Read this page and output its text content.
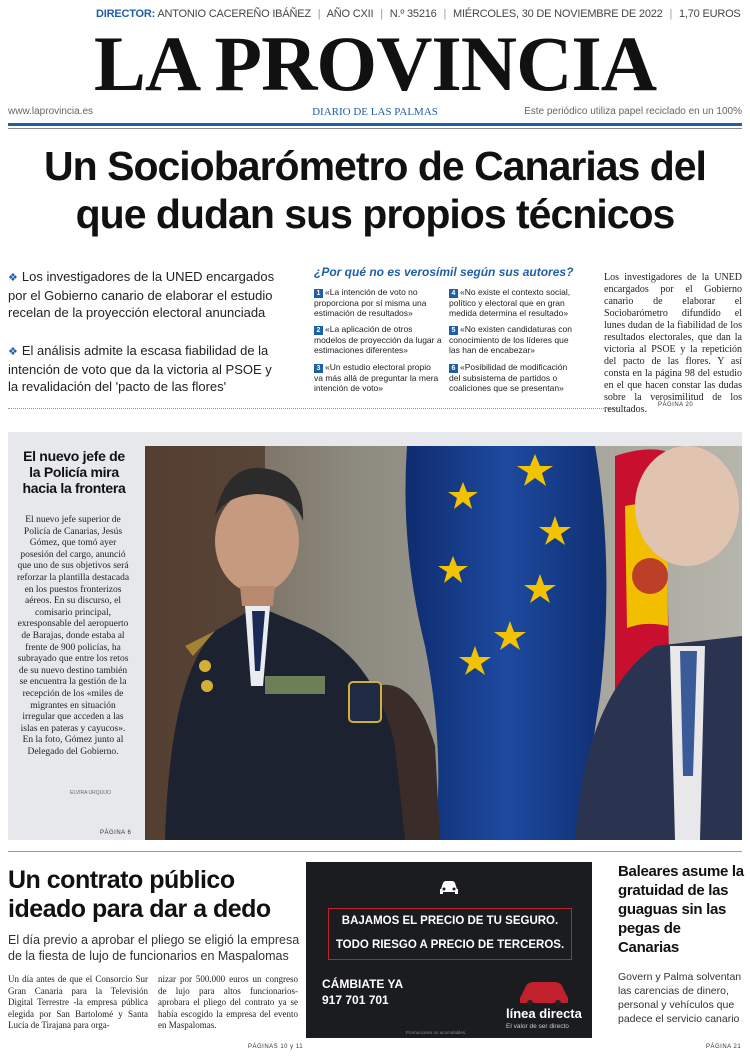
DIRECTOR: ANTONIO CACEREÑO IBÁÑEZ | AÑO CXII | N.º 35216 | MIÉRCOLES, 30 DE NOVIEMBRE DE 2022 | 1,70 EUROS
LA PROVINCIA
DIARIO DE LAS PALMAS
www.laprovincia.es	Este periódico utiliza papel reciclado en un 100%
Un Sociobarómetro de Canarias del que dudan sus propios técnicos
❖ Los investigadores de la UNED encargados por el Gobierno canario de elaborar el estudio recelan de la proyección electoral anunciada
❖ El análisis admite la escasa fiabilidad de la intención de voto que da la victoria al PSOE y la revalidación del 'pacto de las flores'
¿Por qué no es verosímil según sus autores?
1 «La intención de voto no proporciona por sí misma una estimación de resultados»
2 «La aplicación de otros modelos de proyección da lugar a estimaciones diferentes»
3 «Un estudio electoral propio va más allá de preguntar la mera intención de voto»
4 «No existe el contexto social, político y electoral que en gran medida determina el resultado»
5 «No existen candidaturas con conocimiento de los líderes que las han de encabezar»
6 «Posibilidad de modificación del subsistema de partidos o coaliciones que se presentan»
Los investigadores de la UNED encargados por el Gobierno canario de elaborar el Sociobarómetro difundido el lunes dudan de la fiabilidad de los resultados electorales, que dan la victoria al PSOE y la repetición del pacto de las flores. Y así consta en la página 98 del estudio en el que hacen constar las dudas sobre la verosimilitud de los resultados.	PÁGINA 20
El nuevo jefe de la Policía mira hacia la frontera
El nuevo jefe superior de Policía de Canarias, Jesús Gómez, que tomó ayer posesión del cargo, anunció que uno de sus objetivos será reforzar la plantilla destacada en los puestos fronterizos aéreos. En su discurso, el comisario principal, exresponsable del aeropuerto de Barajas, donde estaba al frente de 900 policías, ha subrayado que entre los retos de su nuevo destino también se encuentra la gestión de la recepción de los «miles de migrantes en situación irregular que acceden a las islas en pateras y cayucos». En la foto, Gómez junto al Delegado del Gobierno.
ELVIRA URQUIJO
PÁGINA 6
Un contrato público ideado para dar a dedo
El día previo a aprobar el pliego se eligió la empresa de la fiesta de lujo de funcionarios en Maspalomas
Un día antes de que el Consorcio Sur Gran Canaria para la Televisión Digital Terrestre -la empresa pública elegida por San Bartolomé y Santa Lucía de Tirajana para orga-
nizar por 500.000 euros un congreso de lujo para altos funcionarios- aprobara el pliego del contrato ya se había escogido la empresa del evento en Maspalomas.
PÁGINAS 10 y 11
BAJAMOS EL PRECIO DE TU SEGURO.
TODO RIESGO A PRECIO DE TERCEROS.
CÁMBIATE YA
917 701 701
línea directa
El valor de ser directo
Promociones no acumulables.
Baleares asume la gratuidad de las guaguas sin las pegas de Canarias
Govern y Palma solventan las carencias de dinero, personal y vehículos que padece el servicio canario
PÁGINA 21
